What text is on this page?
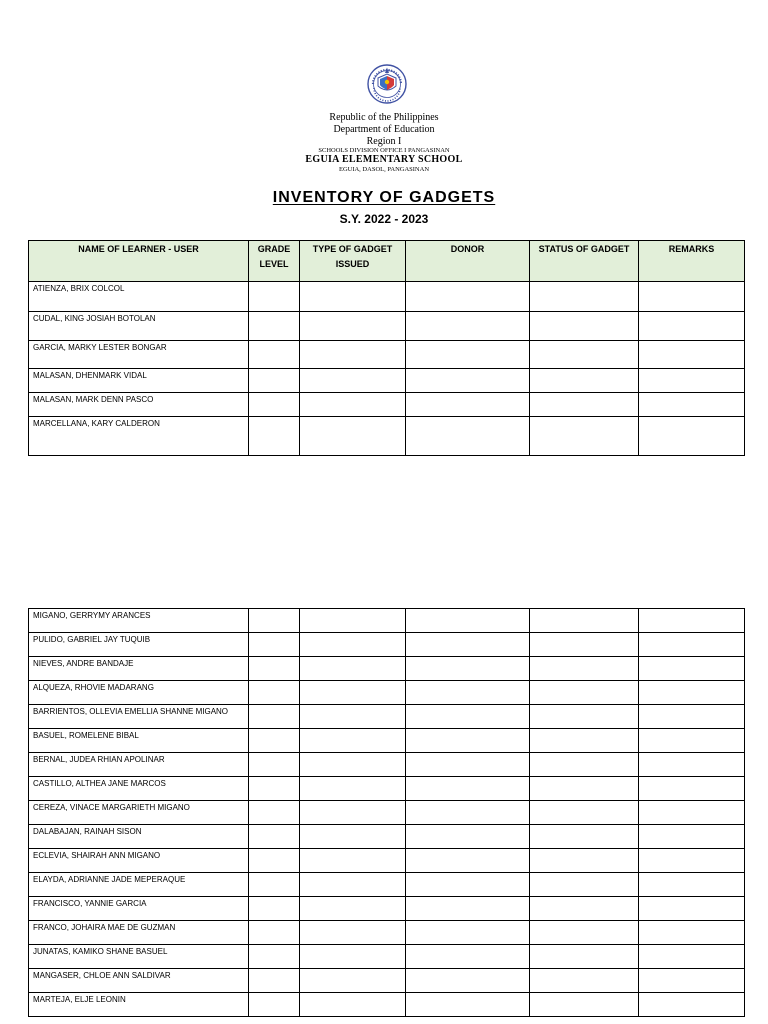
Republic of the Philippines
Department of Education
Region I
SCHOOLS DIVISION OFFICE I PANGASINAN
EGUIA ELEMENTARY SCHOOL
EGUIA, DASOL, PANGASINAN
INVENTORY OF GADGETS
S.Y. 2022 - 2023
NAME OF LEARNER - USER	GRADE LEVEL	TYPE OF GADGET ISSUED	DONOR	STATUS OF GADGET	REMARKS
ATIENZA, BRIX COLCOL					
CUDAL, KING JOSIAH BOTOLAN					
GARCIA, MARKY LESTER BONGAR					
MALASAN, DHENMARK VIDAL					
MALASAN, MARK DENN PASCO					
MARCELLANA, KARY CALDERON					
MIGANO, GERRYMY ARANCES					
PULIDO, GABRIEL JAY TUQUIB					
NIEVES, ANDRE BANDAJE					
ALQUEZA, RHOVIE MADARANG					
BARRIENTOS, OLLEVIA EMELLIA SHANNE MIGANO					
BASUEL, ROMELENE BIBAL					
BERNAL, JUDEA RHIAN APOLINAR					
CASTILLO, ALTHEA JANE MARCOS					
CEREZA, VINACE MARGARIETH MIGANO					
DALABAJAN, RAINAH SISON					
ECLEVIA, SHAIRAH ANN MIGANO					
ELAYDA, ADRIANNE JADE MEPERAQUE					
FRANCISCO, YANNIE GARCIA					
FRANCO, JOHAIRA MAE DE GUZMAN					
JUNATAS, KAMIKO SHANE BASUEL					
MANGASER, CHLOE ANN SALDIVAR					
MARTEJA, ELJE LEONIN					
